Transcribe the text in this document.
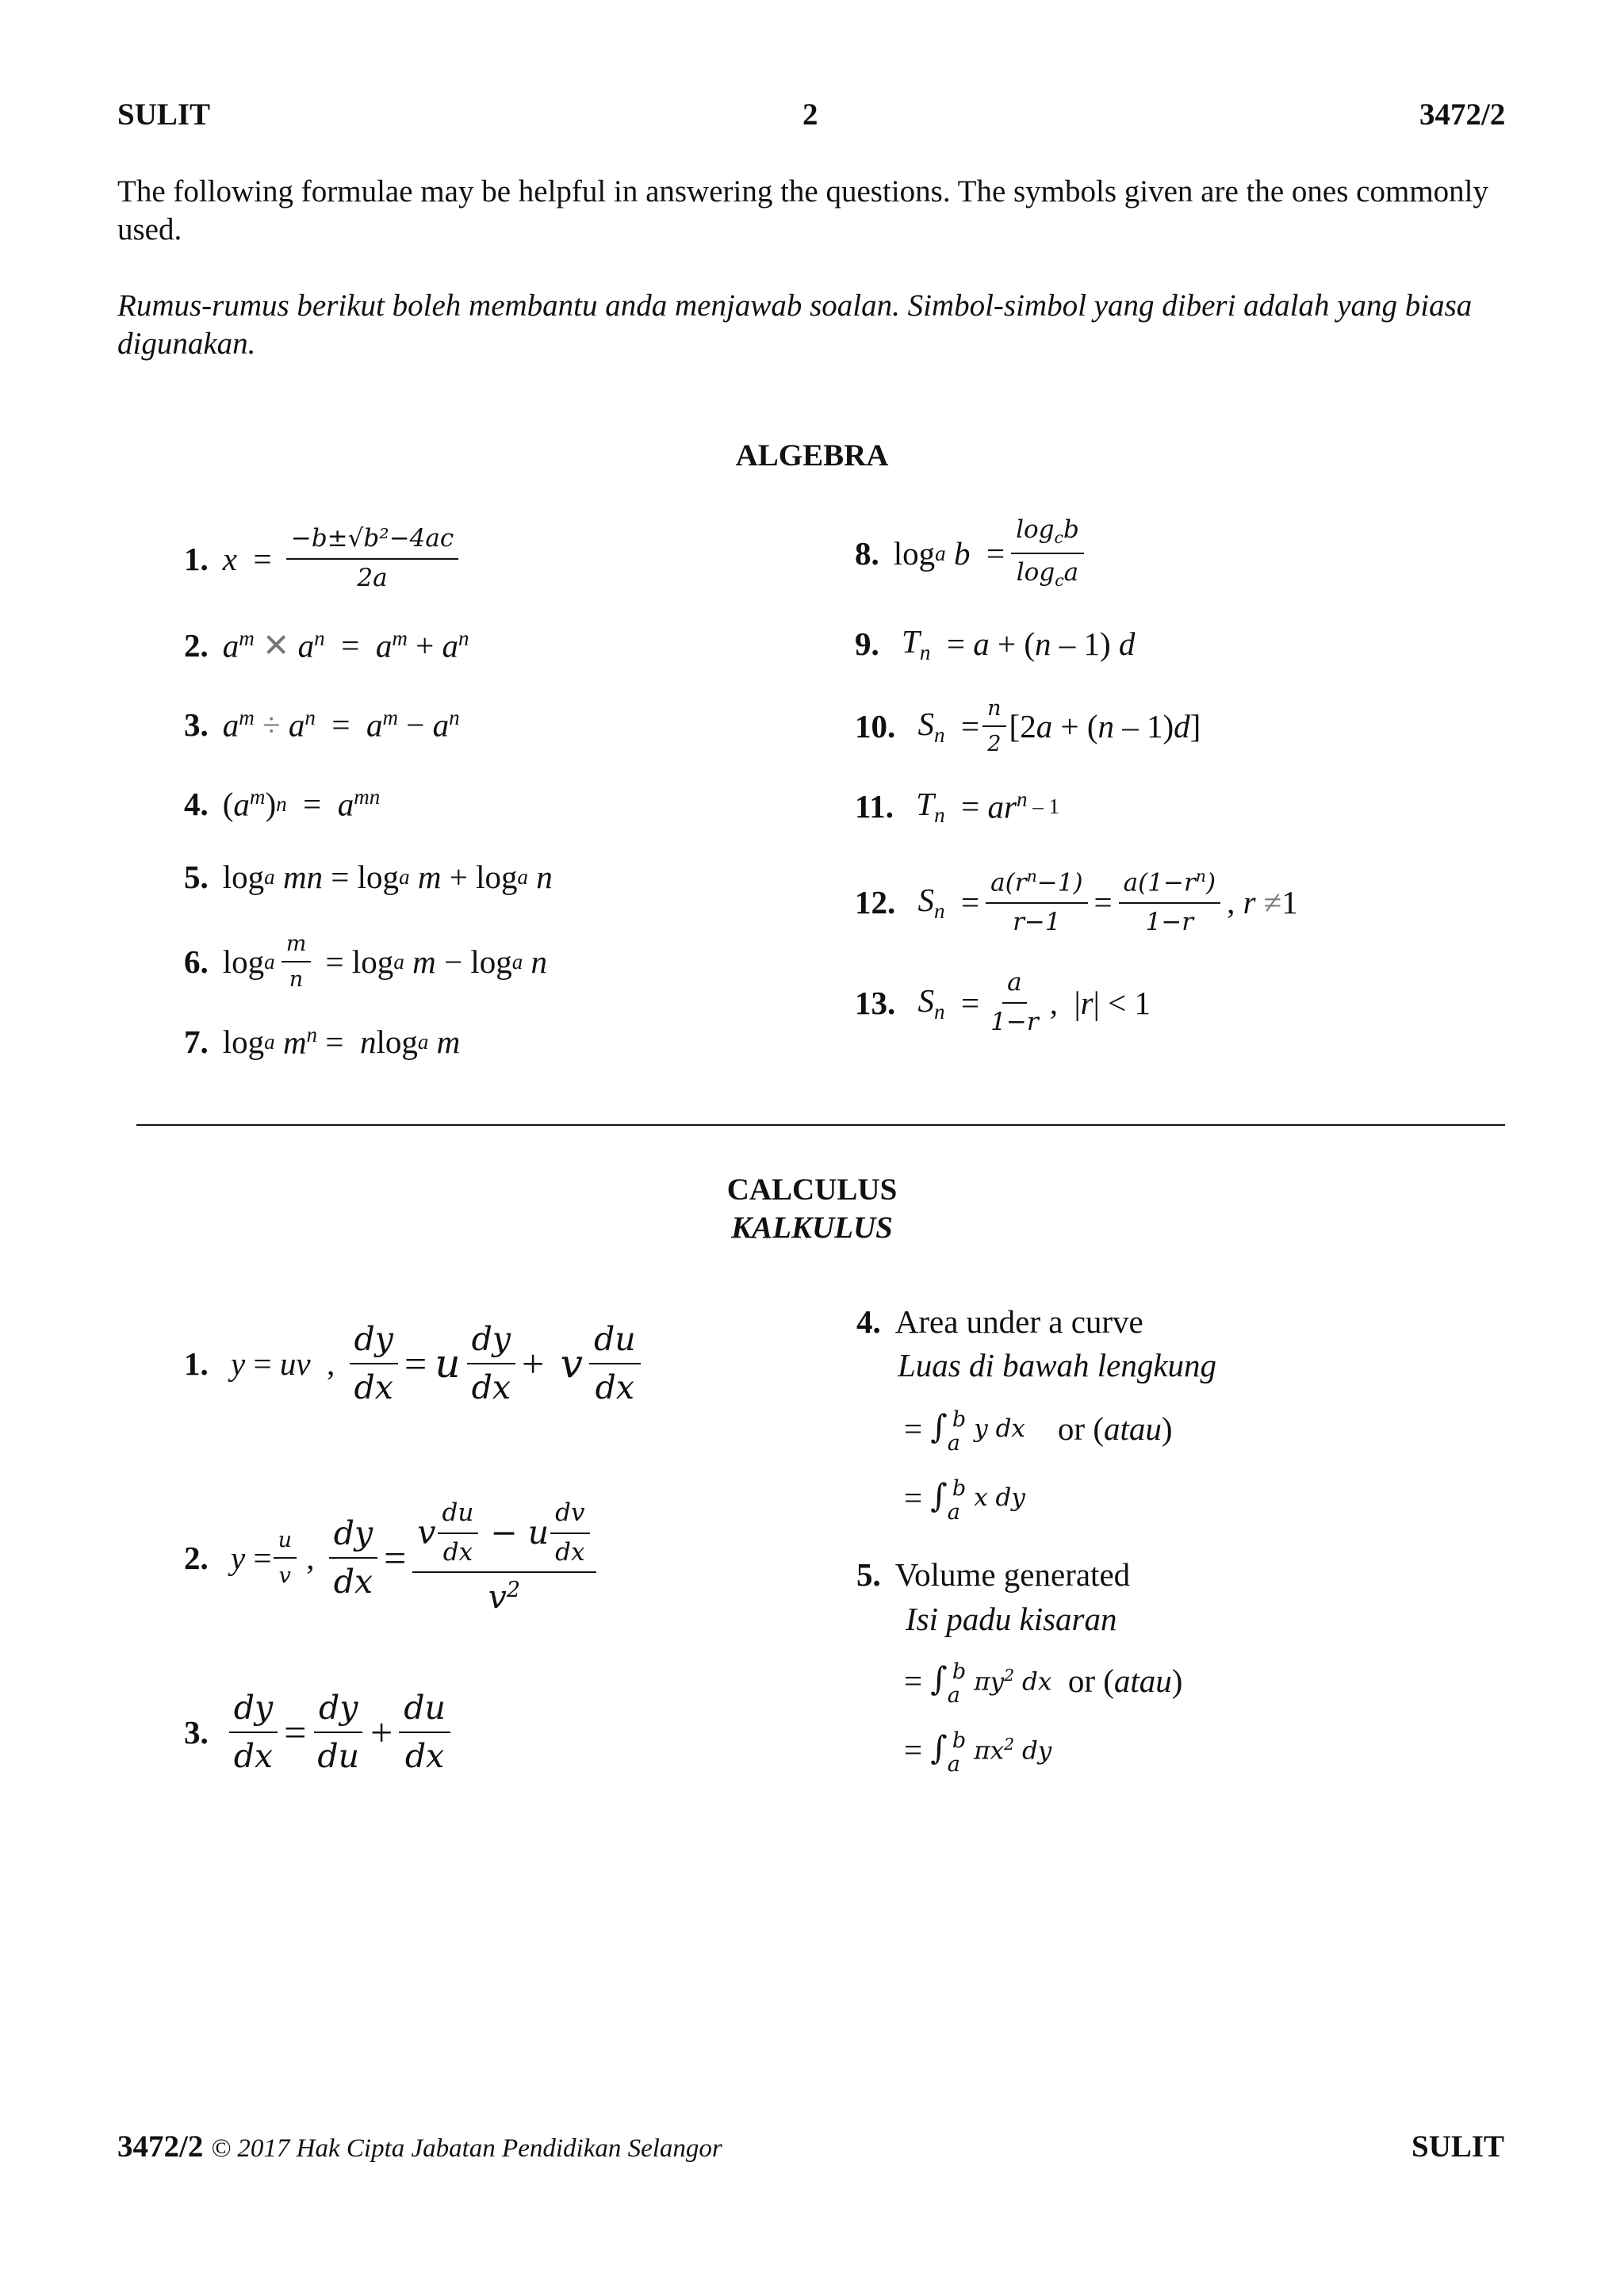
SULIT	2	3472/2
The following formulae may be helpful in answering the questions. The symbols given are the ones commonly used.
Rumus-rumus berikut boleh membantu anda menjawab soalan. Simbol-simbol yang diberi adalah yang biasa digunakan.
ALGEBRA
1. $x = \frac{\text{−b±√b²−4ac}}{2a}$
2. $a^m$
✕
$a^n = a^m + a^n$
3. $a^m$
÷
$a^n = a^m - a^n$
4. ( $a^m$ ) $n = a^{mn}$
5. log a
mn = log a
m + log a
n
6. log a $\frac{m}{n} = \log a$
m − log a
n
7. log a
$m^n = n$ log a
m
8. log a
$b = \frac{\log_cb}{\log_ca}$
9.
$T_n = a$ + ( n – 1) d
10.
$S_n = \frac{n}{2} [2$ a + ( n – 1) d ]
11.
$T_n = ar^n - 1$
12.
$S_n = \frac{a(r^n-1)}{r-1} = \frac{a(1-r^n)}{1-r}$ , r
≠ 1
13.
$S_n = \frac{a}{1-r}$ ,  | r | < 1
CALCULUS
KALKULUS
1.
y = uv , $\frac{dy}{dx}$ =
u $\frac{dy}{dx}$ +
v $\frac{du}{dx}$
2.
$y = \frac{u}{v}$ , $\frac{dy}{dx} = \frac{v \frac{du}{dx} - u \frac{dv}{dx}}{v^2}$
3. $\frac{dy}{dx} = \frac{dy}{du} + \frac{du}{dx}$
4. Area under a curve
Luas di bawah lengkung
= $\int_a^b$ y dx
or ( atau )
= $\int_a^b$ x dy
5. Volume generated
Isi padu kisaran
= $\int_a^b$ $\pi y^2$ dx
or ( atau )
= $\int_a^b$ $\pi x^2$ dy
3472/2 © 2017 Hak Cipta Jabatan Pendidikan Selangor	SULIT
